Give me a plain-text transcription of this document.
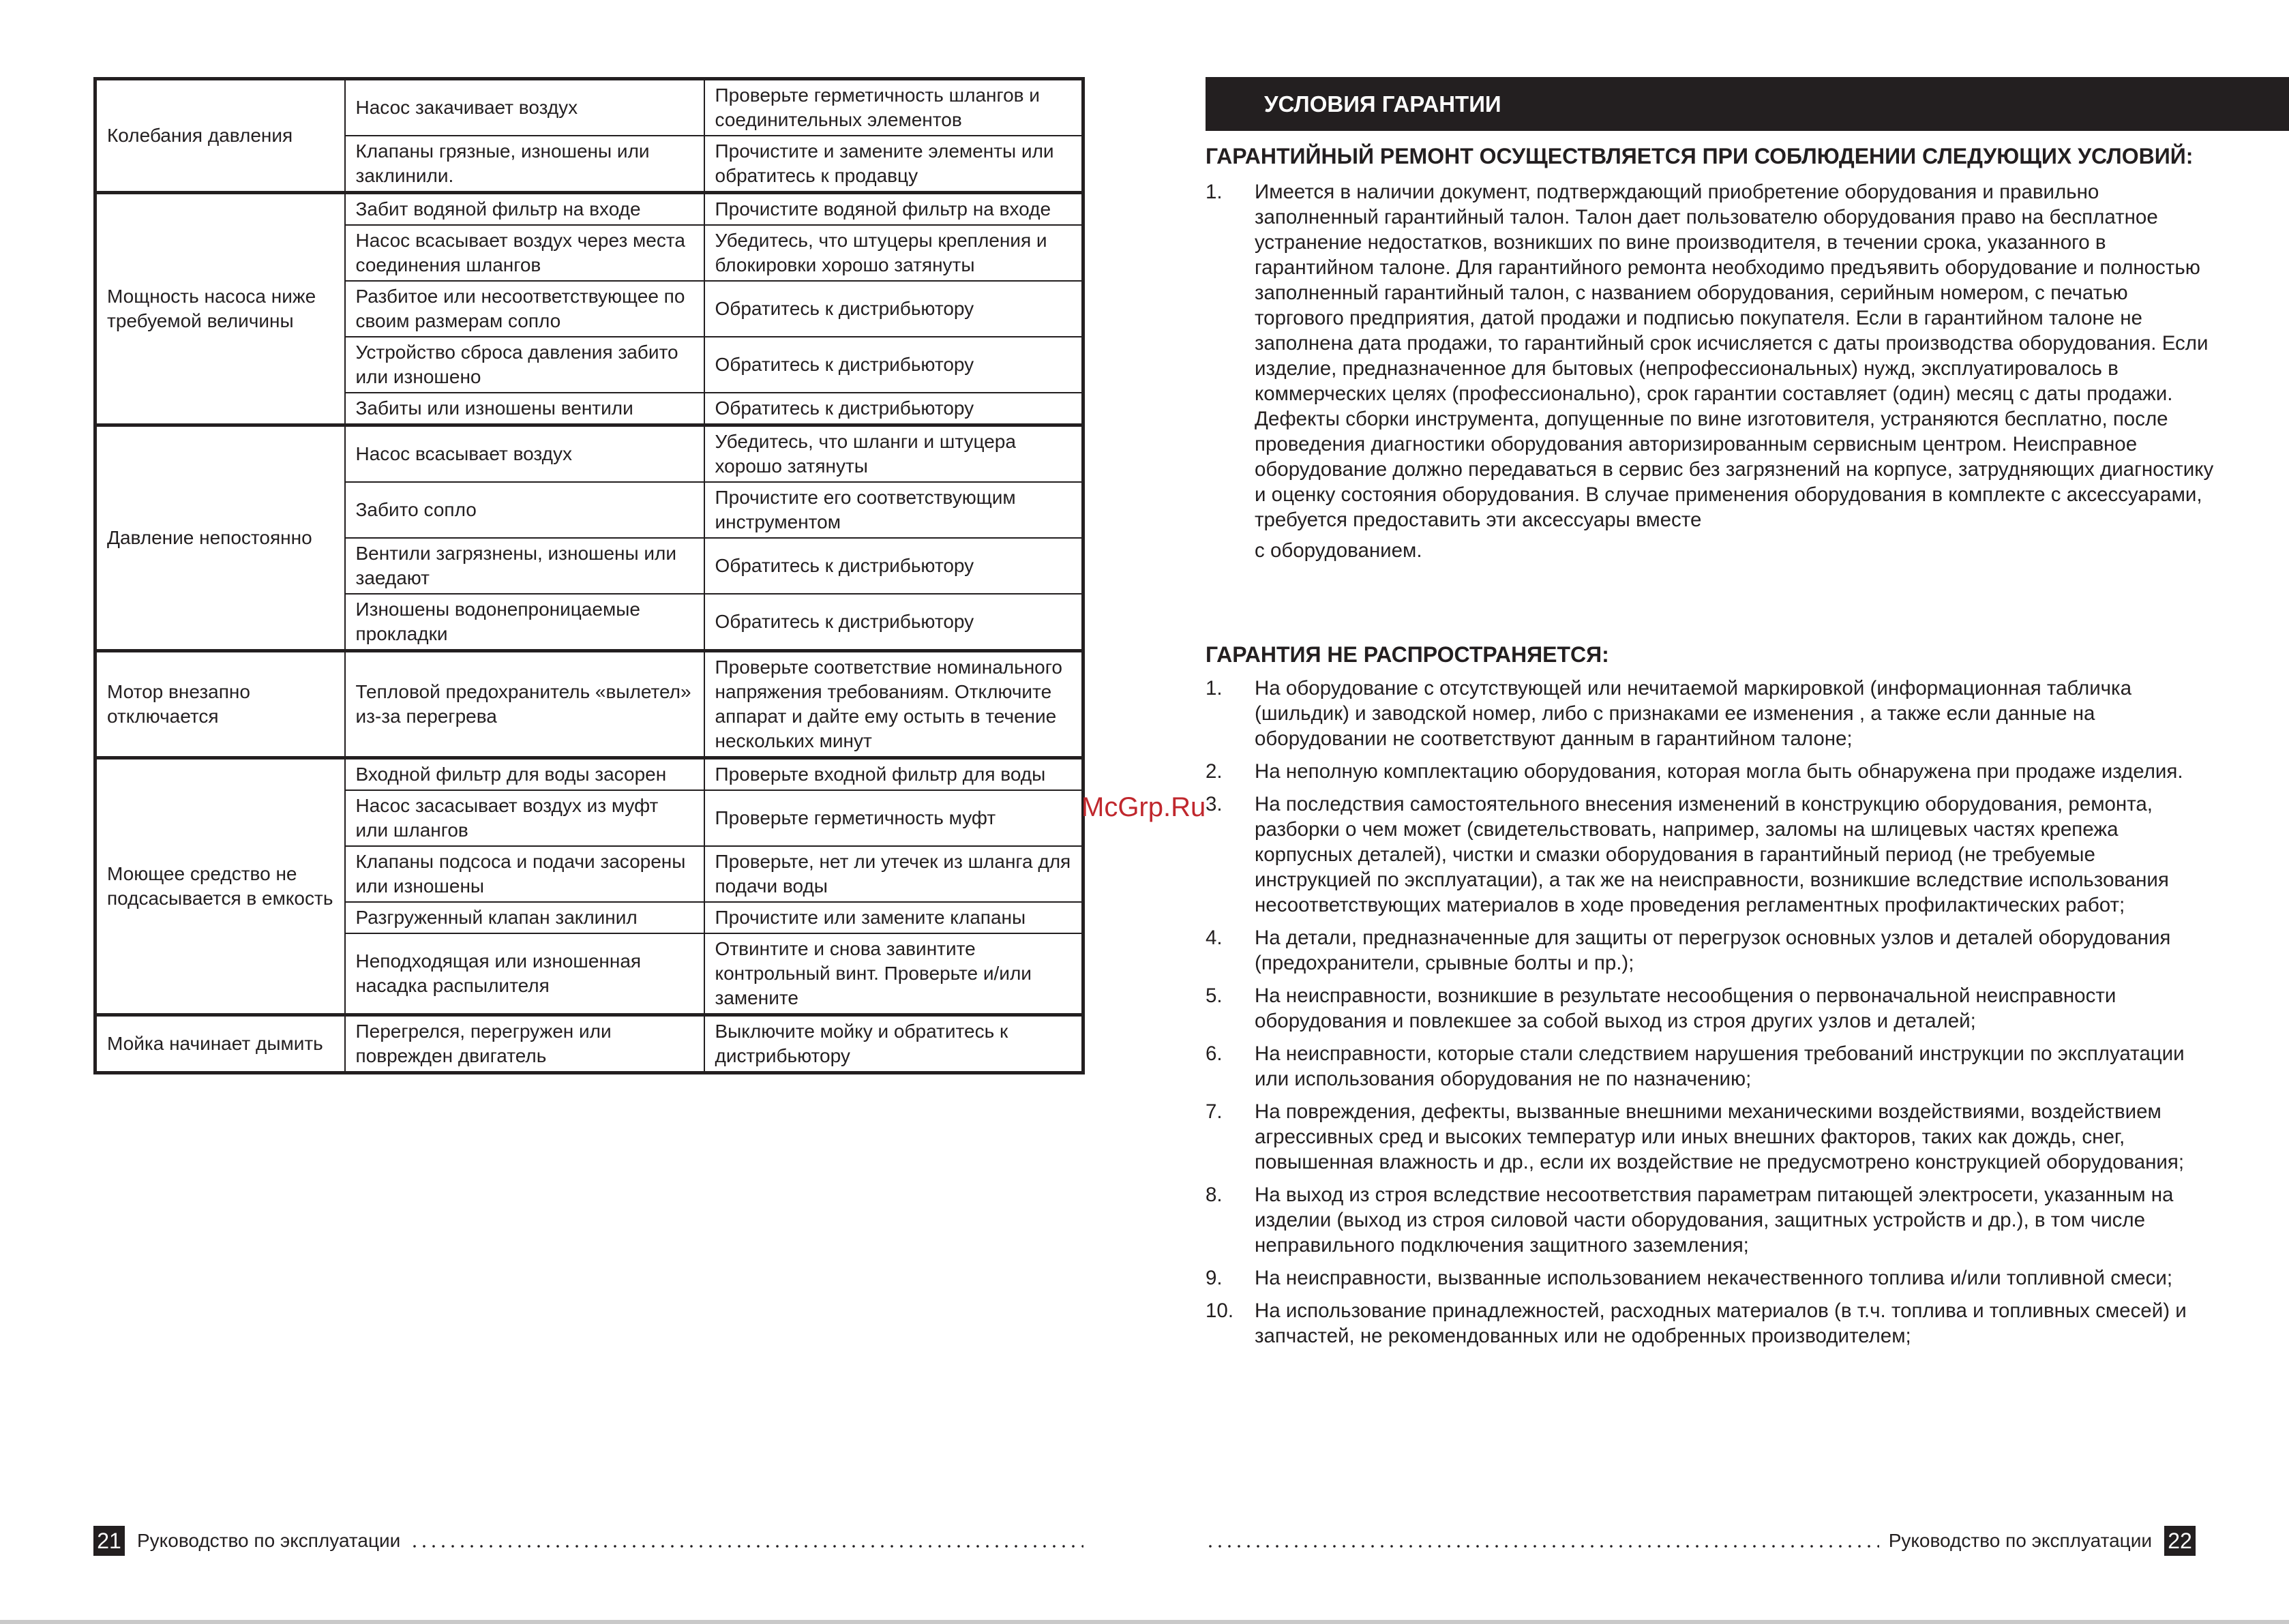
Колебания давления	Насос закачивает воздух	Проверьте герметичность шлангов и соединительных элементов
	Клапаны грязные, изношены или заклинили.	Прочистите и замените элементы или обратитесь к продавцу
Мощность насоса ниже требуемой величины	Забит водяной фильтр на входе	Прочистите водяной фильтр на входе
	Насос всасывает воздух через места соединения шлангов	Убедитесь, что штуцеры крепления и блокировки хорошо затянуты
	Разбитое или несоответствующее по своим размерам сопло	Обратитесь к дистрибьютору
	Устройство сброса давления забито или изношено	Обратитесь к дистрибьютору
	Забиты или изношены вентили	Обратитесь к дистрибьютору
Давление непостоянно	Насос всасывает воздух	Убедитесь, что шланги и штуцера хорошо затянуты
	Забито сопло	Прочистите его соответствующим инструментом
	Вентили загрязнены, изношены или заедают	Обратитесь к дистрибьютору
	Изношены водонепроницаемые прокладки	Обратитесь к дистрибьютору
Мотор внезапно отключается	Тепловой предохранитель «вылетел» из-за перегрева	Проверьте соответствие номинального напряжения требованиям. Отключите аппарат и дайте ему остыть в течение нескольких минут
Моющее средство не подсасывается в емкость	Входной фильтр для воды засорен	Проверьте входной фильтр для воды
	Насос засасывает воздух из муфт или шлангов	Проверьте герметичность муфт
	Клапаны подсоса и подачи засорены или изношены	Проверьте, нет ли утечек из шланга для подачи воды
	Разгруженный клапан заклинил	Прочистите или замените клапаны
	Неподходящая или изношенная насадка распылителя	Отвинтите и снова завинтите контрольный винт. Проверьте и/или замените
Мойка начинает дымить	Перегрелся, перегружен или поврежден двигатель	Выключите мойку и обратитесь к дистрибьютору
21 Руководство по эксплуатации
McGrp.Ru
УСЛОВИЯ ГАРАНТИИ
ГАРАНТИЙНЫЙ РЕМОНТ ОСУЩЕСТВЛЯЕТСЯ ПРИ СОБЛЮДЕНИИ СЛЕДУЮЩИХ УСЛОВИЙ:
1. Имеется в наличии документ, подтверждающий приобретение оборудования и правильно заполненный гарантийный талон. Талон дает пользователю оборудования право на бесплатное устранение недостатков, возникших по вине производителя, в течении срока, указанного в гарантийном талоне. Для гарантийного ремонта необходимо предъявить оборудование и полностью заполненный гарантийный талон, с названием оборудования, серийным номером, с печатью торгового предприятия, датой продажи и подписью покупателя. Если в гарантийном талоне не заполнена дата продажи, то гарантийный срок исчисляется с даты производства оборудования. Если изделие, предназначенное для бытовых (непрофессиональных) нужд, эксплуатировалось в коммерческих целях (профессионально), срок гарантии составляет (один) месяц с даты продажи. Дефекты сборки инструмента, допущенные по вине изготовителя, устраняются бесплатно, после проведения диагностики оборудования авторизированным сервисным центром. Неисправное оборудование должно передаваться в сервис без загрязнений на корпусе, затрудняющих диагностику и оценку состояния оборудования. В случае применения оборудования в комплекте с аксессуарами, требуется предоставить эти аксессуары вместе
с оборудованием.
ГАРАНТИЯ НЕ РАСПРОСТРАНЯЕТСЯ:
1. На оборудование с отсутствующей или нечитаемой маркировкой (информационная табличка (шильдик) и заводской номер, либо с признаками ее изменения , а также если данные на оборудовании не соответствуют данным в гарантийном талоне;
2. На неполную комплектацию оборудования, которая могла быть обнаружена при продаже изделия.
3. На последствия самостоятельного внесения изменений в конструкцию оборудования, ремонта, разборки о чем может (свидетельствовать, например, заломы на шлицевых частях крепежа корпусных деталей), чистки и смазки оборудования в гарантийный период (не требуемые инструкцией по эксплуатации), а так же на неисправности, возникшие вследствие использования несоответствующих материалов в ходе проведения регламентных профилактических работ;
4. На детали, предназначенные для защиты от перегрузок основных узлов и деталей оборудования (предохранители, срывные болты и пр.);
5. На неисправности, возникшие в результате несообщения о первоначальной неисправности оборудования и повлекшее за собой выход из строя других узлов и деталей;
6. На неисправности, которые стали следствием нарушения требований инструкции по эксплуатации или использования оборудования не по назначению;
7. На повреждения, дефекты, вызванные внешними механическими воздействиями, воздействием агрессивных сред и высоких температур или иных внешних факторов, таких как дождь, снег, повышенная влажность и др., если их воздействие не предусмотрено конструкцией оборудования;
8. На выход из строя вследствие несоответствия параметрам питающей электросети, указанным на изделии (выход из строя силовой части оборудования, защитных устройств и др.), в том числе неправильного подключения защитного заземления;
9. На неисправности, вызванные использованием некачественного топлива и/или топливной смеси;
10. На использование принадлежностей, расходных материалов (в т.ч. топлива и топливных смесей) и запчастей, не рекомендованных или не одобренных производителем;
Руководство по эксплуатации 22
